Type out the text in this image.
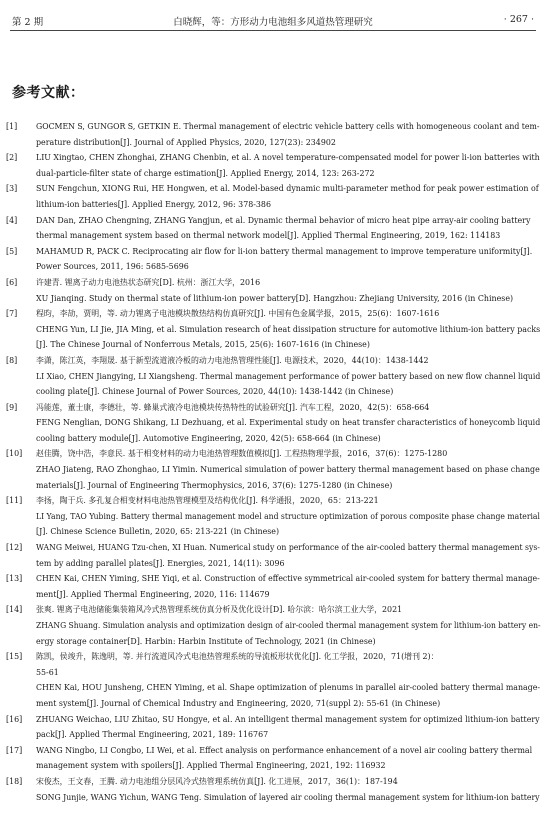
第 2 期	白晓辉，等：方形动力电池组多风道热管理研究	· 267 ·
参考文献：
[1] GOCMEN S, GUNGOR S, GETKIN E. Thermal management of electric vehicle battery cells with homogeneous coolant and tem-
perature distribution[J]. Journal of Applied Physics, 2020, 127(23): 234902
[2] LIU Xingtao, CHEN Zhonghai, ZHANG Chenbin, et al. A novel temperature-compensated model for power li-ion batteries with
dual-particle-filter state of charge estimation[J]. Applied Energy, 2014, 123: 263-272
[3] SUN Fengchun, XIONG Rui, HE Hongwen, et al. Model-based dynamic multi-parameter method for peak power estimation of
lithium-ion batteries[J]. Applied Energy, 2012, 96: 378-386
[4] DAN Dan, ZHAO Chengning, ZHANG Yangjun, et al. Dynamic thermal behavior of micro heat pipe array-air cooling battery
thermal management system based on thermal network model[J]. Applied Thermal Engineering, 2019, 162: 114183
[5] MAHAMUD R, PACK C. Reciprocating air flow for li-ion battery thermal management to improve temperature uniformity[J].
Power Sources, 2011, 196: 5685-5696
[6] 许建青. 锂离子动力电池热状态研究[D]. 杭州：浙江大学，2016
XU Jianqing. Study on thermal state of lithium-ion power battery[D]. Hangzhou: Zhejiang University, 2016 (in Chinese)
[7] 程昀，李劼，贾明，等. 动力锂离子电池模块散热结构仿真研究[J]. 中国有色金属学报，2015，25(6)：1607-1616
CHENG Yun, LI Jie, JIA Ming, et al. Simulation research of heat dissipation structure for automotive lithium-ion battery packs
[J]. The Chinese Journal of Nonferrous Metals, 2015, 25(6): 1607-1616 (in Chinese)
[8] 李潇，陈江英，李翔晟. 基于新型流道液冷板的动力电池热管理性能[J]. 电源技术，2020，44(10)：1438-1442
LI Xiao, CHEN Jiangying, LI Xiangsheng. Thermal management performance of power battery based on new flow channel liquid
cooling plate[J]. Chinese Journal of Power Sources, 2020, 44(10): 1438-1442 (in Chinese)
[9] 冯能莲，董士康，李德壮，等. 蜂巢式液冷电池模块传热特性的试验研究[J]. 汽车工程，2020，42(5)：658-664
FENG Nenglian, DONG Shikang, LI Dezhuang, et al. Experimental study on heat transfer characteristics of honeycomb liquid
cooling battery module[J]. Automotive Engineering, 2020, 42(5): 658-664 (in Chinese)
[10] 赵佳腾，饶中浩，李意民. 基于相变材料的动力电池热管理数值模拟[J]. 工程热物理学报，2016，37(6)：1275-1280
ZHAO Jiateng, RAO Zhonghao, LI Yimin. Numerical simulation of power battery thermal management based on phase change
materials[J]. Journal of Engineering Thermophysics, 2016, 37(6): 1275-1280 (in Chinese)
[11] 李扬，陶于兵. 多孔复合相变材料电池热管理模型及结构优化[J]. 科学通报，2020，65：213-221
LI Yang, TAO Yubing. Battery thermal management model and structure optimization of porous composite phase change material
[J]. Chinese Science Bulletin, 2020, 65: 213-221 (in Chinese)
[12] WANG Meiwei, HUANG Tzu-chen, XI Huan. Numerical study on performance of the air-cooled battery thermal management sys-
tem by adding parallel plates[J]. Energies, 2021, 14(11): 3096
[13] CHEN Kai, CHEN Yiming, SHE Yiqi, et al. Construction of effective symmetrical air-cooled system for battery thermal manage-
ment[J]. Applied Thermal Engineering, 2020, 116: 114679
[14] 张爽. 锂离子电池储能集装箱风冷式热管理系统仿真分析及优化设计[D]. 哈尔滨：哈尔滨工业大学，2021
ZHANG Shuang. Simulation analysis and optimization design of air-cooled thermal management system for lithium-ion battery en-
ergy storage container[D]. Harbin: Harbin Institute of Technology, 2021 (in Chinese)
[15] 陈凯，侯竣升，陈逸明，等. 并行流道风冷式电池热管理系统的导流板形状优化[J]. 化工学报，2020，71(增刊 2)：
55-61
CHEN Kai, HOU Junsheng, CHEN Yiming, et al. Shape optimization of plenums in parallel air-cooled battery thermal manage-
ment system[J]. Journal of Chemical Industry and Engineering, 2020, 71(suppl 2): 55-61 (in Chinese)
[16] ZHUANG Weichao, LIU Zhitao, SU Hongye, et al. An intelligent thermal management system for optimized lithium-ion battery
pack[J]. Applied Thermal Engineering, 2021, 189: 116767
[17] WANG Ningbo, LI Congbo, LI Wei, et al. Effect analysis on performance enhancement of a novel air cooling battery thermal
management system with spoilers[J]. Applied Thermal Engineering, 2021, 192: 116932
[18] 宋俊杰，王文春，王腾. 动力电池组分层风冷式热管理系统仿真[J]. 化工进展，2017，36(1)：187-194
SONG Junjie, WANG Yichun, WANG Teng. Simulation of layered air cooling thermal management system for lithium-ion battery
